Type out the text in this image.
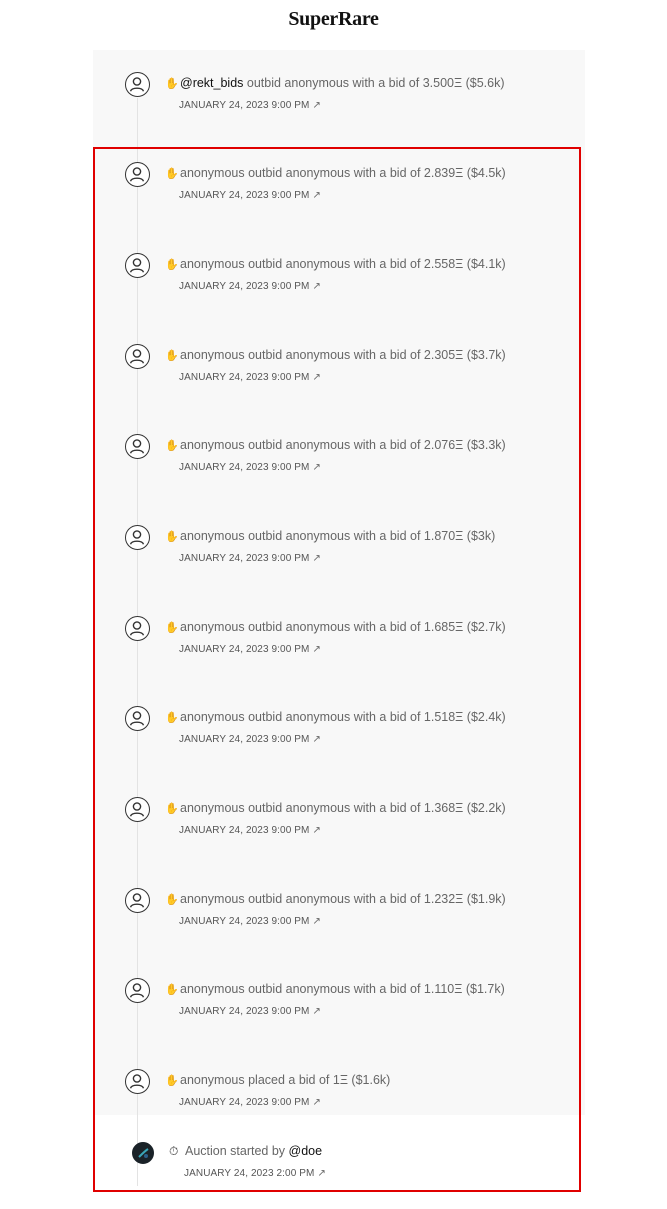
SuperRare
✋@rekt_bids outbid anonymous with a bid of 3.500Ξ ($5.6k)
JANUARY 24, 2023 9:00 PM ↗
✋anonymous outbid anonymous with a bid of 2.839Ξ ($4.5k)
JANUARY 24, 2023 9:00 PM ↗
✋anonymous outbid anonymous with a bid of 2.558Ξ ($4.1k)
JANUARY 24, 2023 9:00 PM ↗
✋anonymous outbid anonymous with a bid of 2.305Ξ ($3.7k)
JANUARY 24, 2023 9:00 PM ↗
✋anonymous outbid anonymous with a bid of 2.076Ξ ($3.3k)
JANUARY 24, 2023 9:00 PM ↗
✋anonymous outbid anonymous with a bid of 1.870Ξ ($3k)
JANUARY 24, 2023 9:00 PM ↗
✋anonymous outbid anonymous with a bid of 1.685Ξ ($2.7k)
JANUARY 24, 2023 9:00 PM ↗
✋anonymous outbid anonymous with a bid of 1.518Ξ ($2.4k)
JANUARY 24, 2023 9:00 PM ↗
✋anonymous outbid anonymous with a bid of 1.368Ξ ($2.2k)
JANUARY 24, 2023 9:00 PM ↗
✋anonymous outbid anonymous with a bid of 1.232Ξ ($1.9k)
JANUARY 24, 2023 9:00 PM ↗
✋anonymous outbid anonymous with a bid of 1.110Ξ ($1.7k)
JANUARY 24, 2023 9:00 PM ↗
✋anonymous placed a bid of 1Ξ ($1.6k)
JANUARY 24, 2023 9:00 PM ↗
⏱ Auction started by @doe
JANUARY 24, 2023 2:00 PM ↗
